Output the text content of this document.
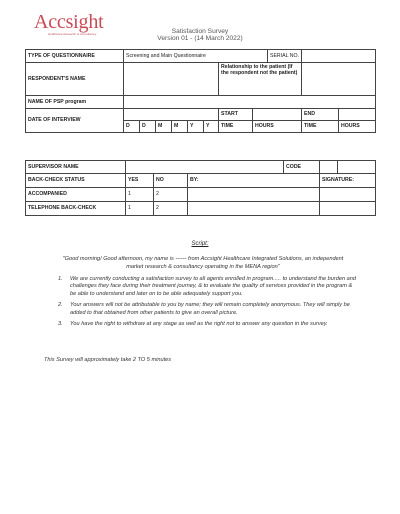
Accsight
Healthcare Research & Consultancy	Satisfaction Survey
Version 01 - (14 March 2022)
TYPE OF QUESTIONNAIRE	Screening and Main Questionnaire								SERIAL NO.		
RESPONDENT'S NAME							Relationship to the patient (If the respondent not the patient)				
NAME OF PSP program											
DATE OF INTERVIEW							START			END	
	D	D	M	M	Y	Y	TIME	HOURS		TIME	HOURS
SUPERVISOR NAME				CODE		
BACK-CHECK STATUS	YES	NO	BY:		SIGNATURE:	
ACCOMPANIED	1	2				
TELEPHONE BACK-CHECK	1	2				
Script:
"Good morning/ Good afternoon, my name is ------ from Accsight Healthcare Integrated Solutions, an independent market research & consultancy operating in the MENA region"
1.	We are currently conducting a satisfaction survey to all agents enrolled in program..... to understand the burden and challenges they face during their treatment journey, & to evaluate the quality of services provided in the program & be able to understand and later on to be able adequately support you.
2.	Your answers will not be attributable to you by name; they will remain completely anonymous. They will simply be added to that obtained from other patients to give an overall picture.
3.	You have the right to withdraw at any stage as well as the right not to answer any question in the survey.
This Survey will approximately take 2 TO 5 minutes
